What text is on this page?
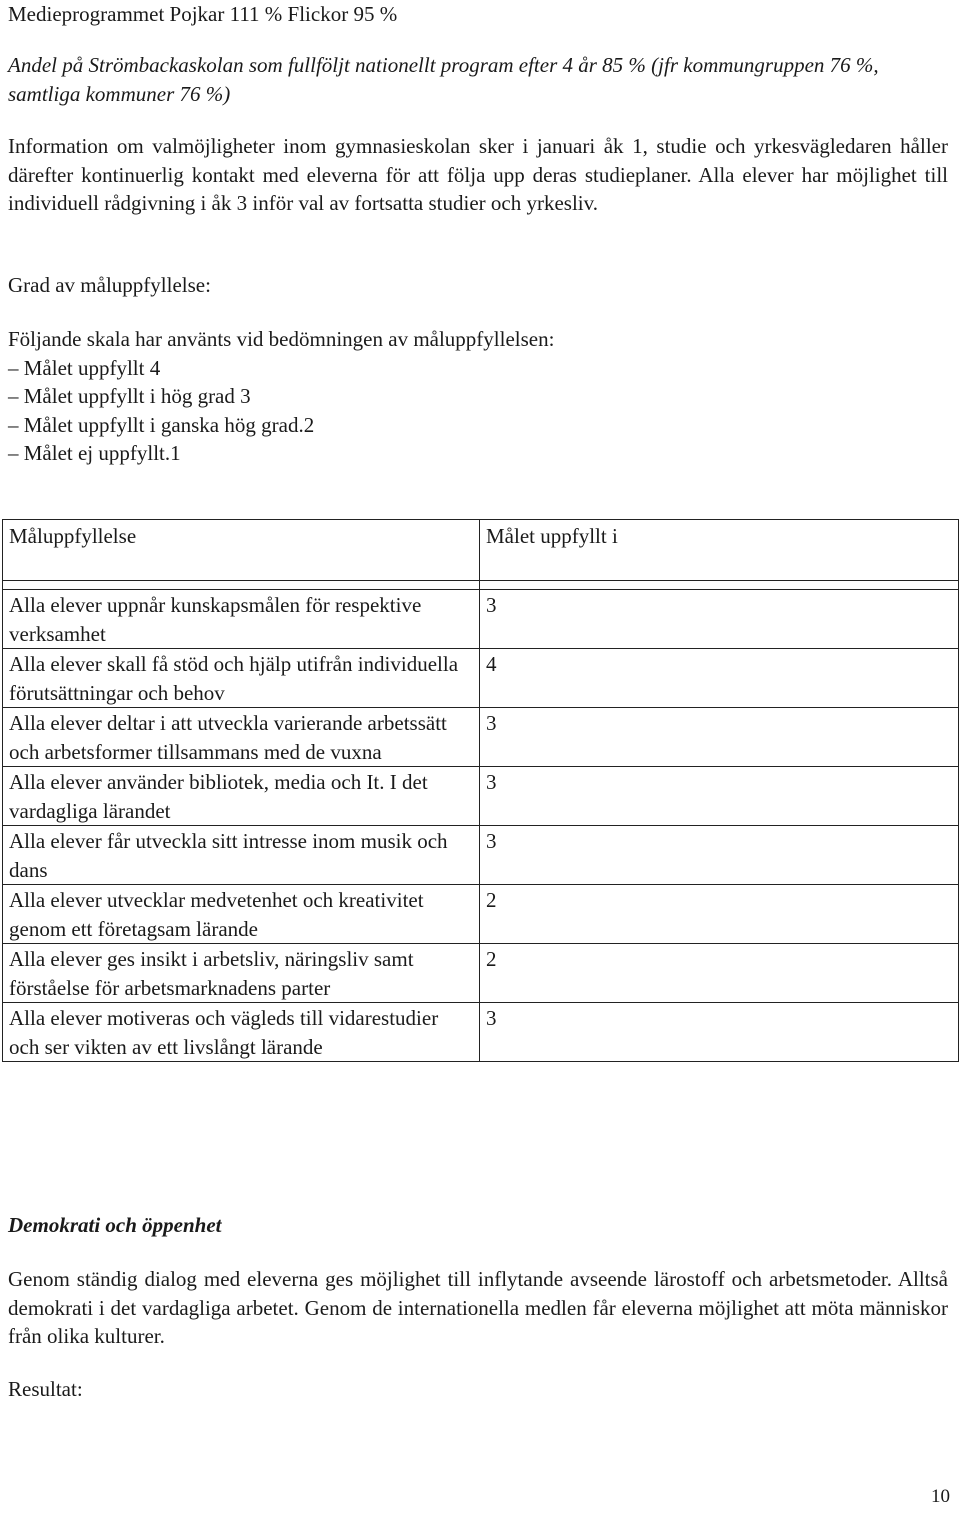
Medieprogrammet Pojkar 111 % Flickor 95 %

Andel på Strömbackaskolan som fullföljt nationellt program efter 4 år 85 % (jfr kommungruppen 76 %, samtliga kommuner 76 %)

Information om valmöjligheter inom gymnasieskolan sker i januari åk 1, studie och yrkesvägledaren håller därefter kontinuerlig kontakt med eleverna för att följa upp deras studieplaner. Alla elever har möjlighet till individuell rådgivning i åk 3 inför val av fortsatta studier och yrkesliv.

Grad av måluppfyllelse:

Följande skala har använts vid bedömningen av måluppfyllelsen:
– Målet uppfyllt 4
– Målet uppfyllt i hög grad 3
– Målet uppfyllt i ganska hög grad.2
– Målet ej uppfyllt.1
Måluppfyllelse	Målet uppfyllt i

Alla elever uppnår kunskapsmålen för respektive verksamhet	3
Alla elever skall få stöd och hjälp utifrån individuella förutsättningar och behov	4
Alla elever deltar i att utveckla varierande arbetssätt och arbetsformer tillsammans med de vuxna	3
Alla elever använder bibliotek, media och It. I det vardagliga lärandet	3
Alla elever får utveckla sitt intresse inom musik och dans	3
Alla elever utvecklar medvetenhet och kreativitet genom ett företagsam lärande	2
Alla elever ges insikt i arbetsliv, näringsliv samt förståelse för arbetsmarknadens parter	2
Alla elever motiveras och vägleds till vidarestudier och ser vikten av ett livslångt lärande	3

Demokrati och öppenhet

Genom ständig dialog med eleverna ges möjlighet till inflytande avseende lärostoff och arbetsmetoder. Alltså demokrati i det vardagliga arbetet. Genom de internationella medlen får eleverna möjlighet att möta människor från olika kulturer.

Resultat:

10
